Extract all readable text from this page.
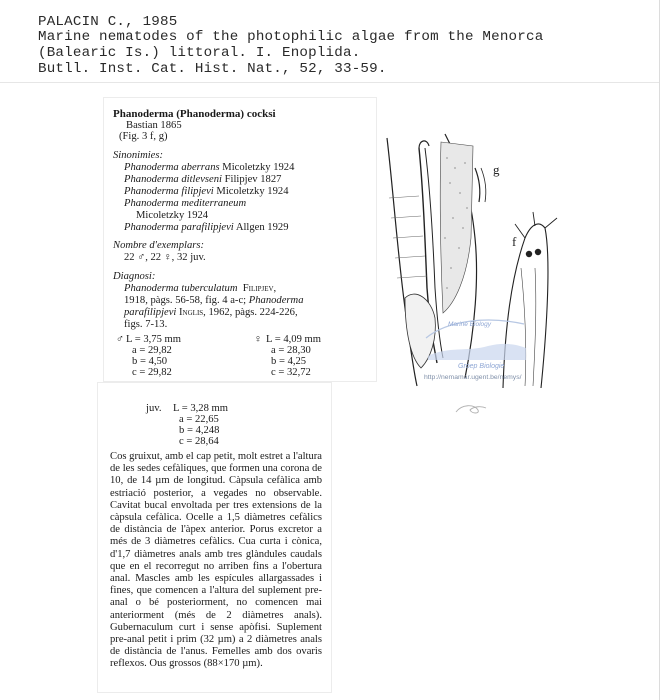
PALACIN C., 1985
Marine nematodes of the photophilic algae from the Menorca
(Balearic Is.) littoral. I. Enoplida.
Butll. Inst. Cat. Hist. Nat., 52, 33-59.
Phanoderma (Phanoderma) cocksi
Bastian 1865
(Fig. 3 f, g)
Sinonimies:
Phanoderma aberrans Micoletzky 1924
Phanoderma ditlevseni Filipjev 1827
Phanoderma filipjevi Micoletzky 1924
Phanoderma mediterraneum
Micoletzky 1924
Phanoderma parafilipjevi Allgen 1929
Nombre d'exemplars:
22 ♂, 22 ♀, 32 juv.
Diagnosi:
Phanoderma tuberculatum Filipjev,
1918, pàgs. 56-58, fig. 4 a-c; Phanoderma
parafilipjevi Inglis, 1962, pàgs. 224-226,
figs. 7-13.
♂ L = 3,75 mm
a = 29,82
b = 4,50
c = 29,82
♀ L = 4,09 mm
a = 28,30
b = 4,25
c = 32,72
juv. L = 3,28 mm
a = 22,65
b = 4,248
c = 28,64
Cos gruixut, amb el cap petit, molt estret a l'altura de les sedes cefàliques, que formen una corona de 10, de 14 µm de longitud. Càpsula cefàlica amb estriació posterior, a vegades no observable. Cavitat bucal envoltada per tres extensions de la càpsula cefàlica. Ocelle a 1,5 diàmetres cefàlics de distància de l'àpex anterior. Porus excretor a més de 3 diàmetres cefàlics. Cua curta i cònica, d'1,7 diàmetres anals amb tres glàndules caudals que en el recorregut no arriben fins a l'obertura anal. Mascles amb les espícules allargassades i fines, que comencen a l'altura del suplement pre-anal o bé posteriorment, no comencen mai anteriorment (més de 2 diàmetres anals). Gubernaculum curt i sense apòfisi. Suplement pre-anal petit i prim (32 µm) a 2 diàmetres anals de distància de l'anus. Femelles amb dos ovaris reflexos. Ous grossos (88×170 µm).
g
f
Marine Biology
Groep Biologie
http://nemamar.ugent.be/nemys/
